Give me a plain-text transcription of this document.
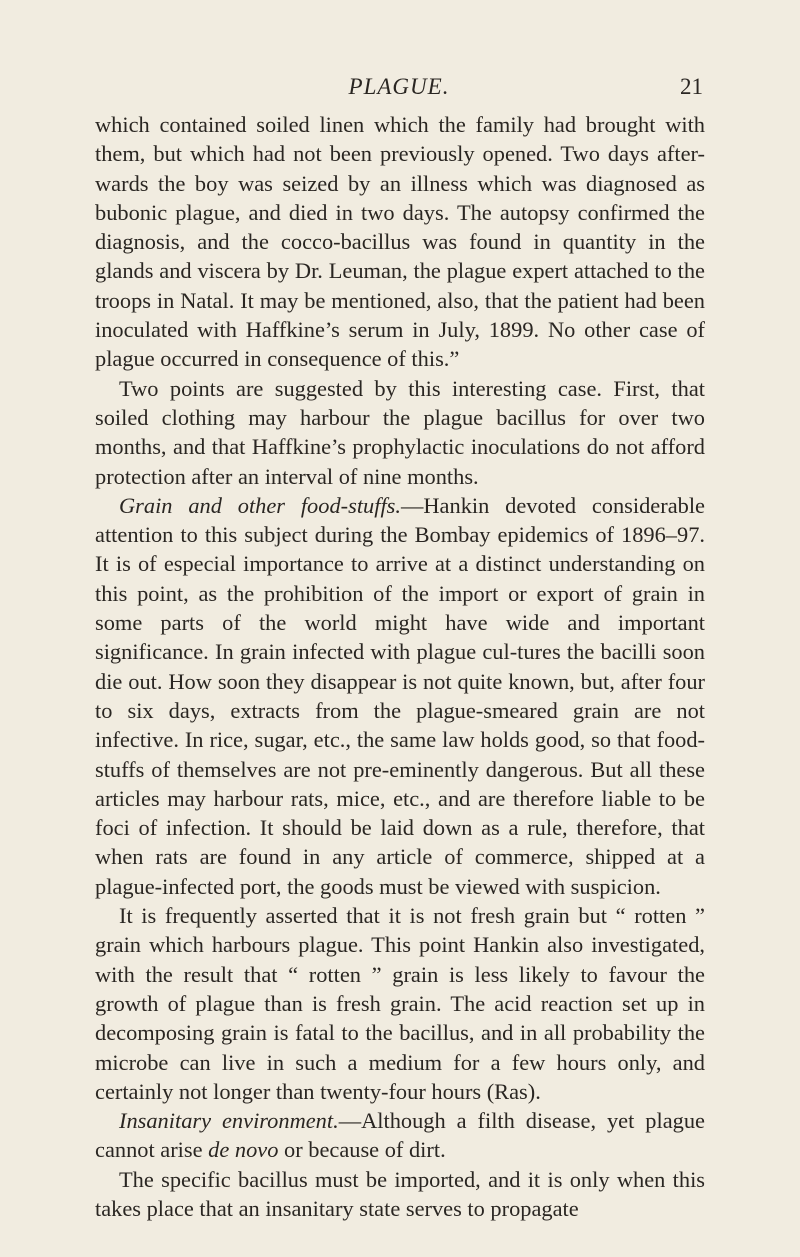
PLAGUE.	21

which contained soiled linen which the family had brought with them, but which had not been previously opened. Two days after-wards the boy was seized by an illness which was diagnosed as bubonic plague, and died in two days. The autopsy confirmed the diagnosis, and the cocco-bacillus was found in quantity in the glands and viscera by Dr. Leuman, the plague expert attached to the troops in Natal. It may be mentioned, also, that the patient had been inoculated with Haffkine’s serum in July, 1899. No other case of plague occurred in consequence of this.”

Two points are suggested by this interesting case. First, that soiled clothing may harbour the plague bacillus for over two months, and that Haffkine’s prophylactic inoculations do not afford protection after an interval of nine months.

Grain and other food-stuffs.—Hankin devoted considerable attention to this subject during the Bombay epidemics of 1896–97. It is of especial importance to arrive at a distinct understanding on this point, as the prohibition of the import or export of grain in some parts of the world might have wide and important significance. In grain infected with plague cul-tures the bacilli soon die out. How soon they disappear is not quite known, but, after four to six days, extracts from the plague-smeared grain are not infective. In rice, sugar, etc., the same law holds good, so that food-stuffs of themselves are not pre-eminently dangerous. But all these articles may harbour rats, mice, etc., and are therefore liable to be foci of infection. It should be laid down as a rule, therefore, that when rats are found in any article of commerce, shipped at a plague-infected port, the goods must be viewed with suspicion.

It is frequently asserted that it is not fresh grain but “ rotten ” grain which harbours plague. This point Hankin also investigated, with the result that “ rotten ” grain is less likely to favour the growth of plague than is fresh grain. The acid reaction set up in decomposing grain is fatal to the bacillus, and in all probability the microbe can live in such a medium for a few hours only, and certainly not longer than twenty-four hours (Ras).

Insanitary environment.—Although a filth disease, yet plague cannot arise de novo or because of dirt.

The specific bacillus must be imported, and it is only when this takes place that an insanitary state serves to propagate
